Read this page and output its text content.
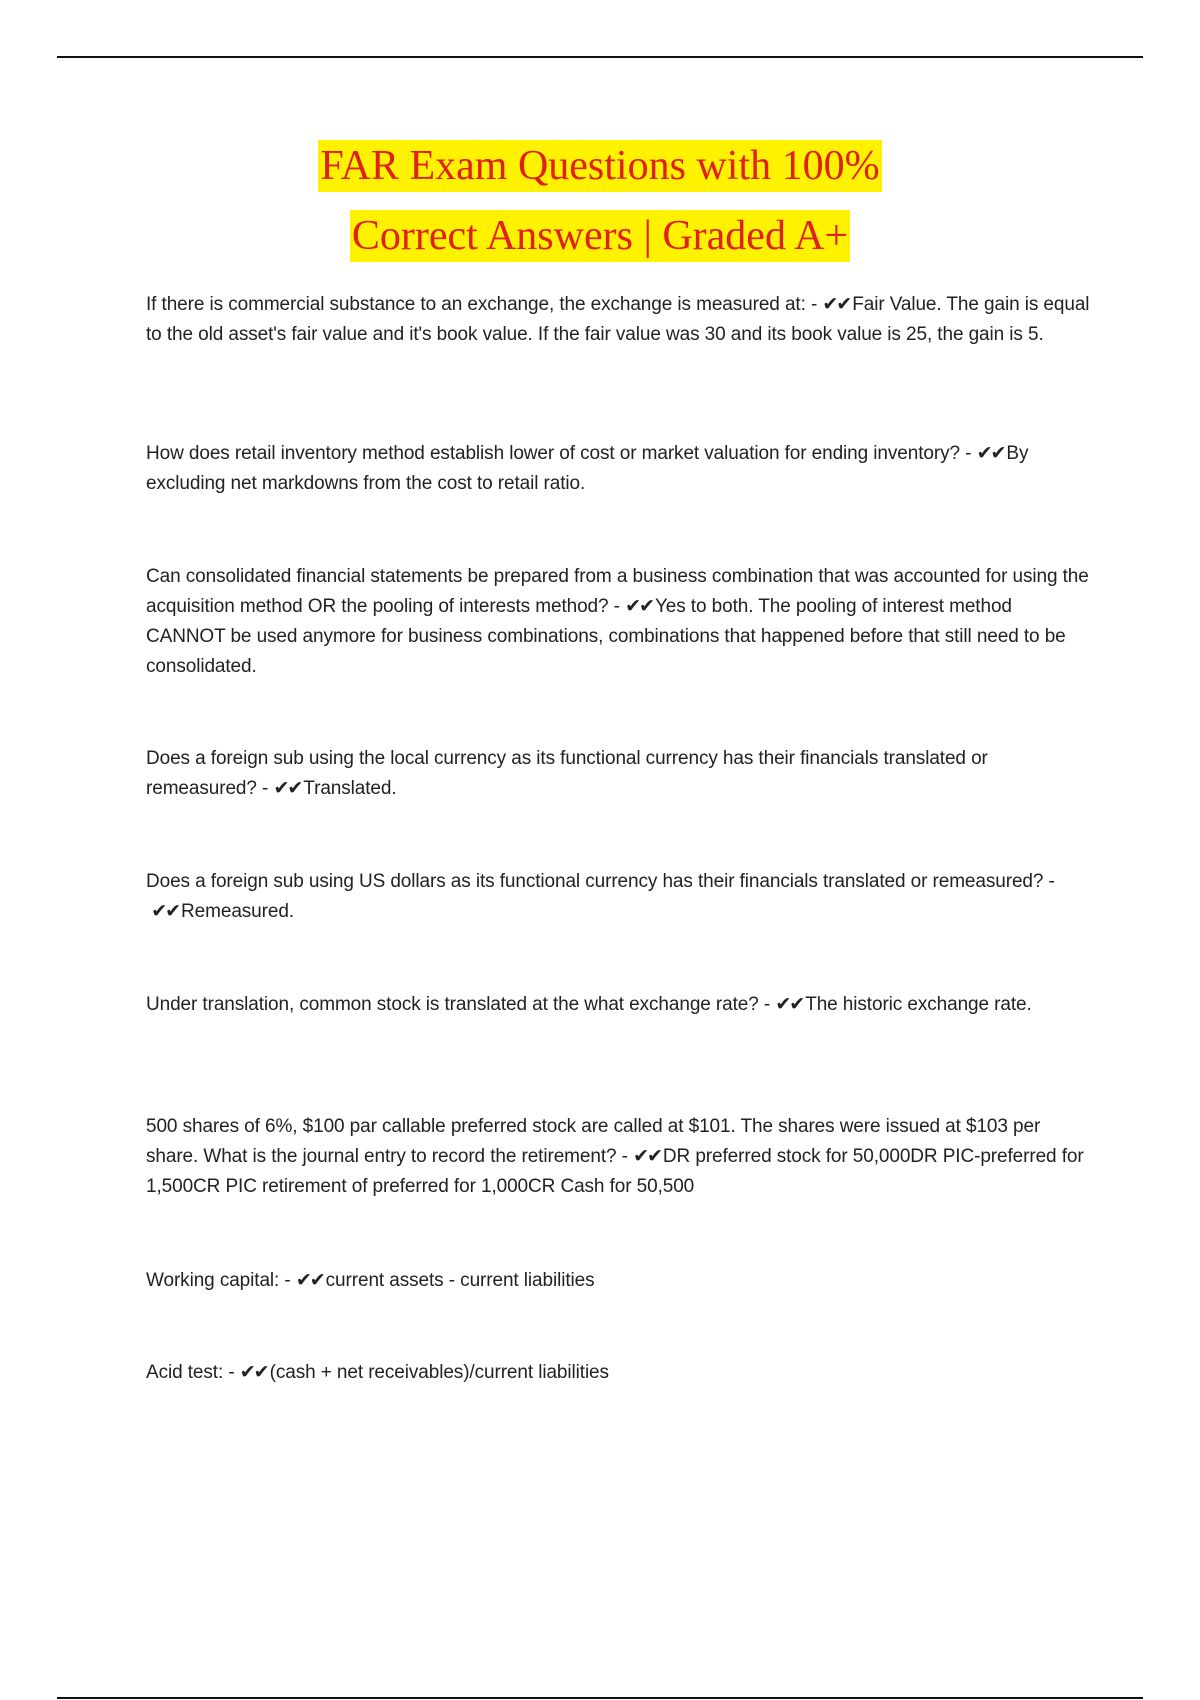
FAR Exam Questions with 100%
Correct Answers | Graded A+
If there is commercial substance to an exchange, the exchange is measured at: - ✔✔ Fair Value. The gain is equal to the old asset's fair value and it's book value. If the fair value was 30 and its book value is 25, the gain is 5.
How does retail inventory method establish lower of cost or market valuation for ending inventory? - ✔✔ By excluding net markdowns from the cost to retail ratio.
Can consolidated financial statements be prepared from a business combination that was accounted for using the acquisition method OR the pooling of interests method? - ✔✔ Yes to both. The pooling of interest method CANNOT be used anymore for business combinations, combinations that happened before that still need to be consolidated.
Does a foreign sub using the local currency as its functional currency has their financials translated or remeasured? - ✔✔ Translated.
Does a foreign sub using US dollars as its functional currency has their financials translated or remeasured? - ✔✔ Remeasured.
Under translation, common stock is translated at the what exchange rate? - ✔✔ The historic exchange rate.
500 shares of 6%, $100 par callable preferred stock are called at $101. The shares were issued at $103 per share. What is the journal entry to record the retirement? - ✔✔ DR preferred stock for 50,000DR PIC-preferred for 1,500CR PIC retirement of preferred for 1,000CR Cash for 50,500
Working capital: - ✔✔ current assets - current liabilities
Acid test: - ✔✔ (cash + net receivables)/current liabilities
